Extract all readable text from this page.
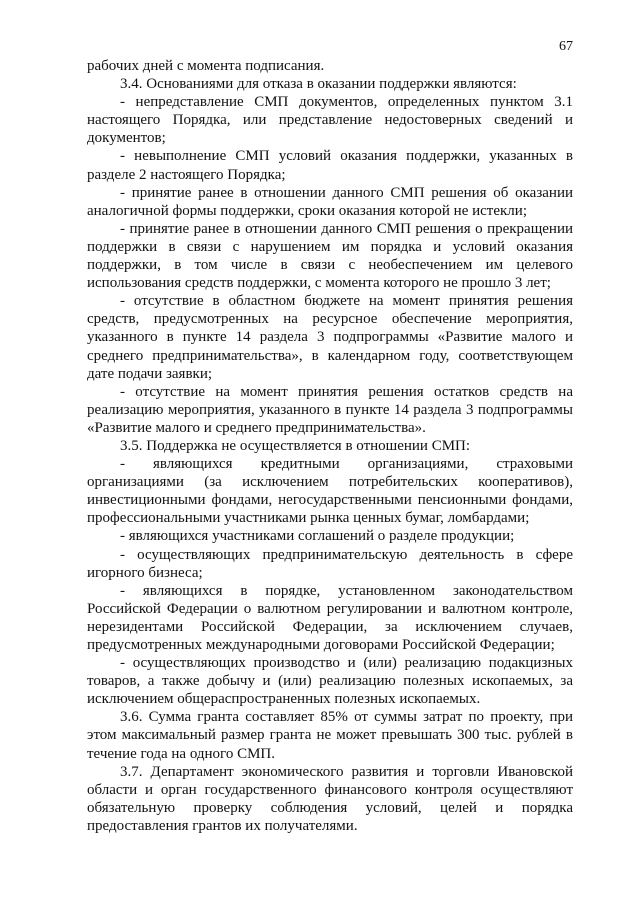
67

рабочих дней с момента подписания.

3.4. Основаниями для отказа в оказании поддержки являются:

- непредставление СМП документов, определенных пунктом 3.1 настоящего Порядка, или представление недостоверных сведений и документов;

- невыполнение СМП условий оказания поддержки, указанных в разделе 2 настоящего Порядка;

- принятие ранее в отношении данного СМП решения об оказании аналогичной формы поддержки, сроки оказания которой не истекли;

- принятие ранее в отношении данного СМП решения о прекращении поддержки в связи с нарушением им порядка и условий оказания поддержки, в том числе в связи с необеспечением им целевого использования средств поддержки, с момента которого не прошло 3 лет;

- отсутствие в областном бюджете на момент принятия решения средств, предусмотренных на ресурсное обеспечение мероприятия, указанного в пункте 14 раздела 3 подпрограммы «Развитие малого и среднего предпринимательства», в календарном году, соответствующем дате подачи заявки;

- отсутствие на момент принятия решения остатков средств на реализацию мероприятия, указанного в пункте 14 раздела 3 подпрограммы «Развитие малого и среднего предпринимательства».

3.5. Поддержка не осуществляется в отношении СМП:

- являющихся кредитными организациями, страховыми организациями (за исключением потребительских кооперативов), инвестиционными фондами, негосударственными пенсионными фондами, профессиональными участниками рынка ценных бумаг, ломбардами;

- являющихся участниками соглашений о разделе продукции;

- осуществляющих предпринимательскую деятельность в сфере игорного бизнеса;

- являющихся в порядке, установленном законодательством Российской Федерации о валютном регулировании и валютном контроле, нерезидентами Российской Федерации, за исключением случаев, предусмотренных международными договорами Российской Федерации;

- осуществляющих производство и (или) реализацию подакцизных товаров, а также добычу и (или) реализацию полезных ископаемых, за исключением общераспространенных полезных ископаемых.

3.6. Сумма гранта составляет 85% от суммы затрат по проекту, при этом максимальный размер гранта не может превышать 300 тыс. рублей в течение года на одного СМП.

3.7. Департамент экономического развития и торговли Ивановской области и орган государственного финансового контроля осуществляют обязательную проверку соблюдения условий, целей и порядка предоставления грантов их получателями.
